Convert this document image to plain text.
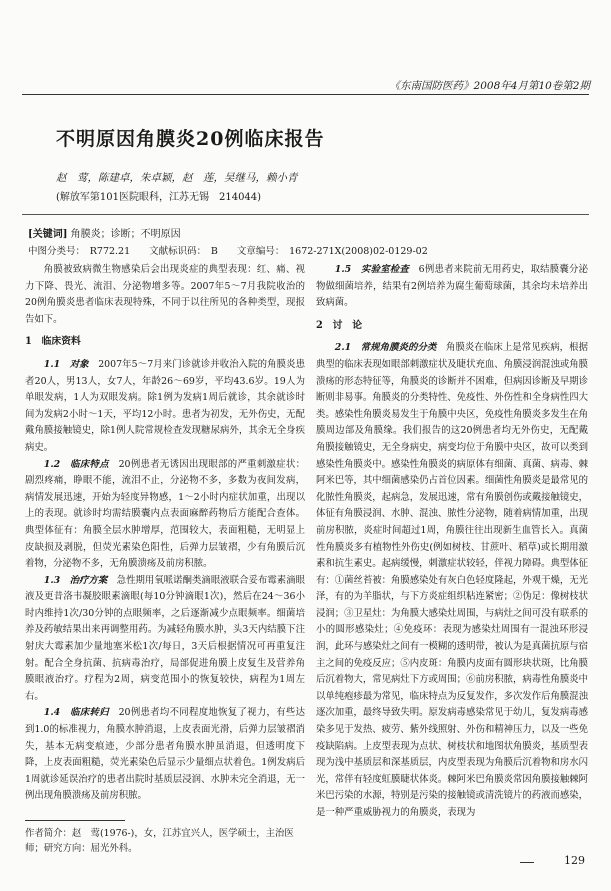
《东南国防医药》2008年4月第10卷第2期
不明原因角膜炎20例临床报告
赵　莺，陈建卓，朱卓颖，赵　莲，吴继马，赖小青
(解放军第101医院眼科，江苏无锡　214044)
[关键词] 角膜炎；诊断；不明原因
中图分类号：　R772.21　　文献标识码：　B　　文章编号：　1672-271X(2008)02-0129-02

角膜被致病微生物感染后会出现炎症的典型表现：红、痛、视力下降、畏光、流泪、分泌物增多等。2007年5～7月我院收治的20例角膜炎患者临床表现特殊，不同于以往所见的各种类型，现报告如下。

1　临床资料

1.1　对象　 2007年5～7月来门诊就诊并收治入院的角膜炎患者20人，男13人，女7人，年龄26～69岁，平均43.6岁。19人为单眼发病，1人为双眼发病。除1例为发病1周后就诊，其余就诊时间为发病2小时～1天，平均12小时。患者为初发，无外伤史，无配戴角膜接触镜史，除1例人院常规检查发现糖尿病外，其余无全身疾病史。

1.2　临床特点　 20例患者无诱因出现眼部的严重刺激症状：剧烈疼痛，睁眼不能，流泪不止，分泌物不多，多数为夜间发病，病情发展迅速，开始为轻度异物感，1～2小时内症状加重，出现以上的表现。就诊时均需结膜囊内点表面麻醉药物后方能配合查体。典型体征有：角膜全层水肿增厚，范围较大，表面粗糙，无明显上皮缺损及剥脱，但荧光素染色阳性，后弹力层皱褶，少有角膜后沉着物，分泌物不多，无角膜溃疡及前房积脓。

1.3　治疗方案　 急性期用氧哌诺酮类滴眼液联合妥布霉素滴眼液及更昔洛韦凝胶眼素滴眼(每10分钟滴眼1次)，然后在24～36小时内维持1次/30分钟的点眼频率，之后逐渐减少点眼频率。细菌培养及药敏结果出来再调整用药。为减轻角膜水肿，头3天内结膜下注射庆大霉素加少量地塞米松1次/每日，3天后根据情况可再重复注射。配合全身抗菌、抗病毒治疗，局部促进角膜上皮复生及营养角膜眼液治疗。疗程为2周，病变范围小的恢复较快，病程为1周左右。

1.4　临床转归　 20例患者均不同程度地恢复了视力，有些达到1.0的标准视力，角膜水肿消退，上皮表面光滑，后弹力层皱褶消失，基本无病变痕迹，少部分患者角膜水肿虽消退，但透明度下降，上皮表面粗糙，荧光素染色后显示少量细点状着色。1例发病后1周就诊延误治疗的患者出院时基质层浸润、水肿未完全消退，无一例出现角膜溃疡及前房积脓。

作者简介：赵　莺(1976-)，女，江苏宜兴人，医学硕士，主治医师；研究方向：屈光外科。

1.5　实验室检查　 6例患者来院前无用药史，取结膜囊分泌物做细菌培养，结果有2例培养为腐生葡萄球菌，其余均未培养出致病菌。

2　讨　论

2.1　常规角膜炎的分类　 角膜炎在临床上是常见疾病，根据典型的临床表现如眼部刺激症状及睫状充血、角膜浸润混浊或角膜溃疡的形态特征等，角膜炎的诊断并不困难，但病因诊断及早期诊断则非易事。角膜炎的分类特性、免疫性、外伤性和全身病性四大类。感染性角膜炎易发生于角膜中央区，免疫性角膜炎多发生在角膜周边部及角膜缘。我们报告的这20例患者均无外伤史，无配戴角膜接触镜史，无全身病史，病变均位于角膜中央区，故可以类到感染性角膜炎中。感染性角膜炎的病原体有细菌、真菌、病毒、棘阿米巴等，其中细菌感染仍占首位因素。细菌性角膜炎是最常见的化脓性角膜炎，起病急，发展迅速，常有角膜创伤或戴接触镜史，体征有角膜浸润、水肿、混浊、脓性分泌物，随着病情加重，出现前房积脓，炎症时间超过1周，角膜往往出现新生血管长入。真菌性角膜炎多有植物性外伤史(例如树枝、甘蔗叶、稻草)或长期用激素和抗生素史。起病缓慢，刺激症状较轻，伴视力障碍。典型体征有：①菌丝苔被：角膜感染处有灰白色轻度隆起，外观干燥，无光泽，有的为羊脂状，与下方炎症组织粘连紧密；②伪足：像树枝状浸润；③卫星灶：为角膜大感染灶周围，与病灶之间可没有联系的小的圆形感染灶；④免疫环：表现为感染灶周围有一混浊环形浸润，此环与感染灶之间有一模糊的透明带，被认为是真菌抗原与宿主之间的免疫反应；⑤内皮斑：角膜内皮面有圆形块状斑，比角膜后沉着物大，常见病灶下方或周围；⑥前房积脓，病毒性角膜炎中以单纯疱疹最为常见，临床特点为反复发作，多次发作后角膜混浊逐次加重，最终导致失明。原发病毒感染常见于幼儿，复发病毒感染多见于发热、疲劳、紫外线照射、外伤和精神压力，以及一些免疫缺陷病。上皮型表现为点状、树枝状和地图状角膜炎，基质型表现为浅中基质层和深基质层，内皮型表现为角膜后沉着物和房水闪光，常伴有轻度虹膜睫状体炎。棘阿米巴角膜炎常因角膜接触棘阿米巴污染的水源，特别是污染的接触镜或清洗镜片的药液而感染，是一种严重威胁视力的角膜炎，表现为

129
